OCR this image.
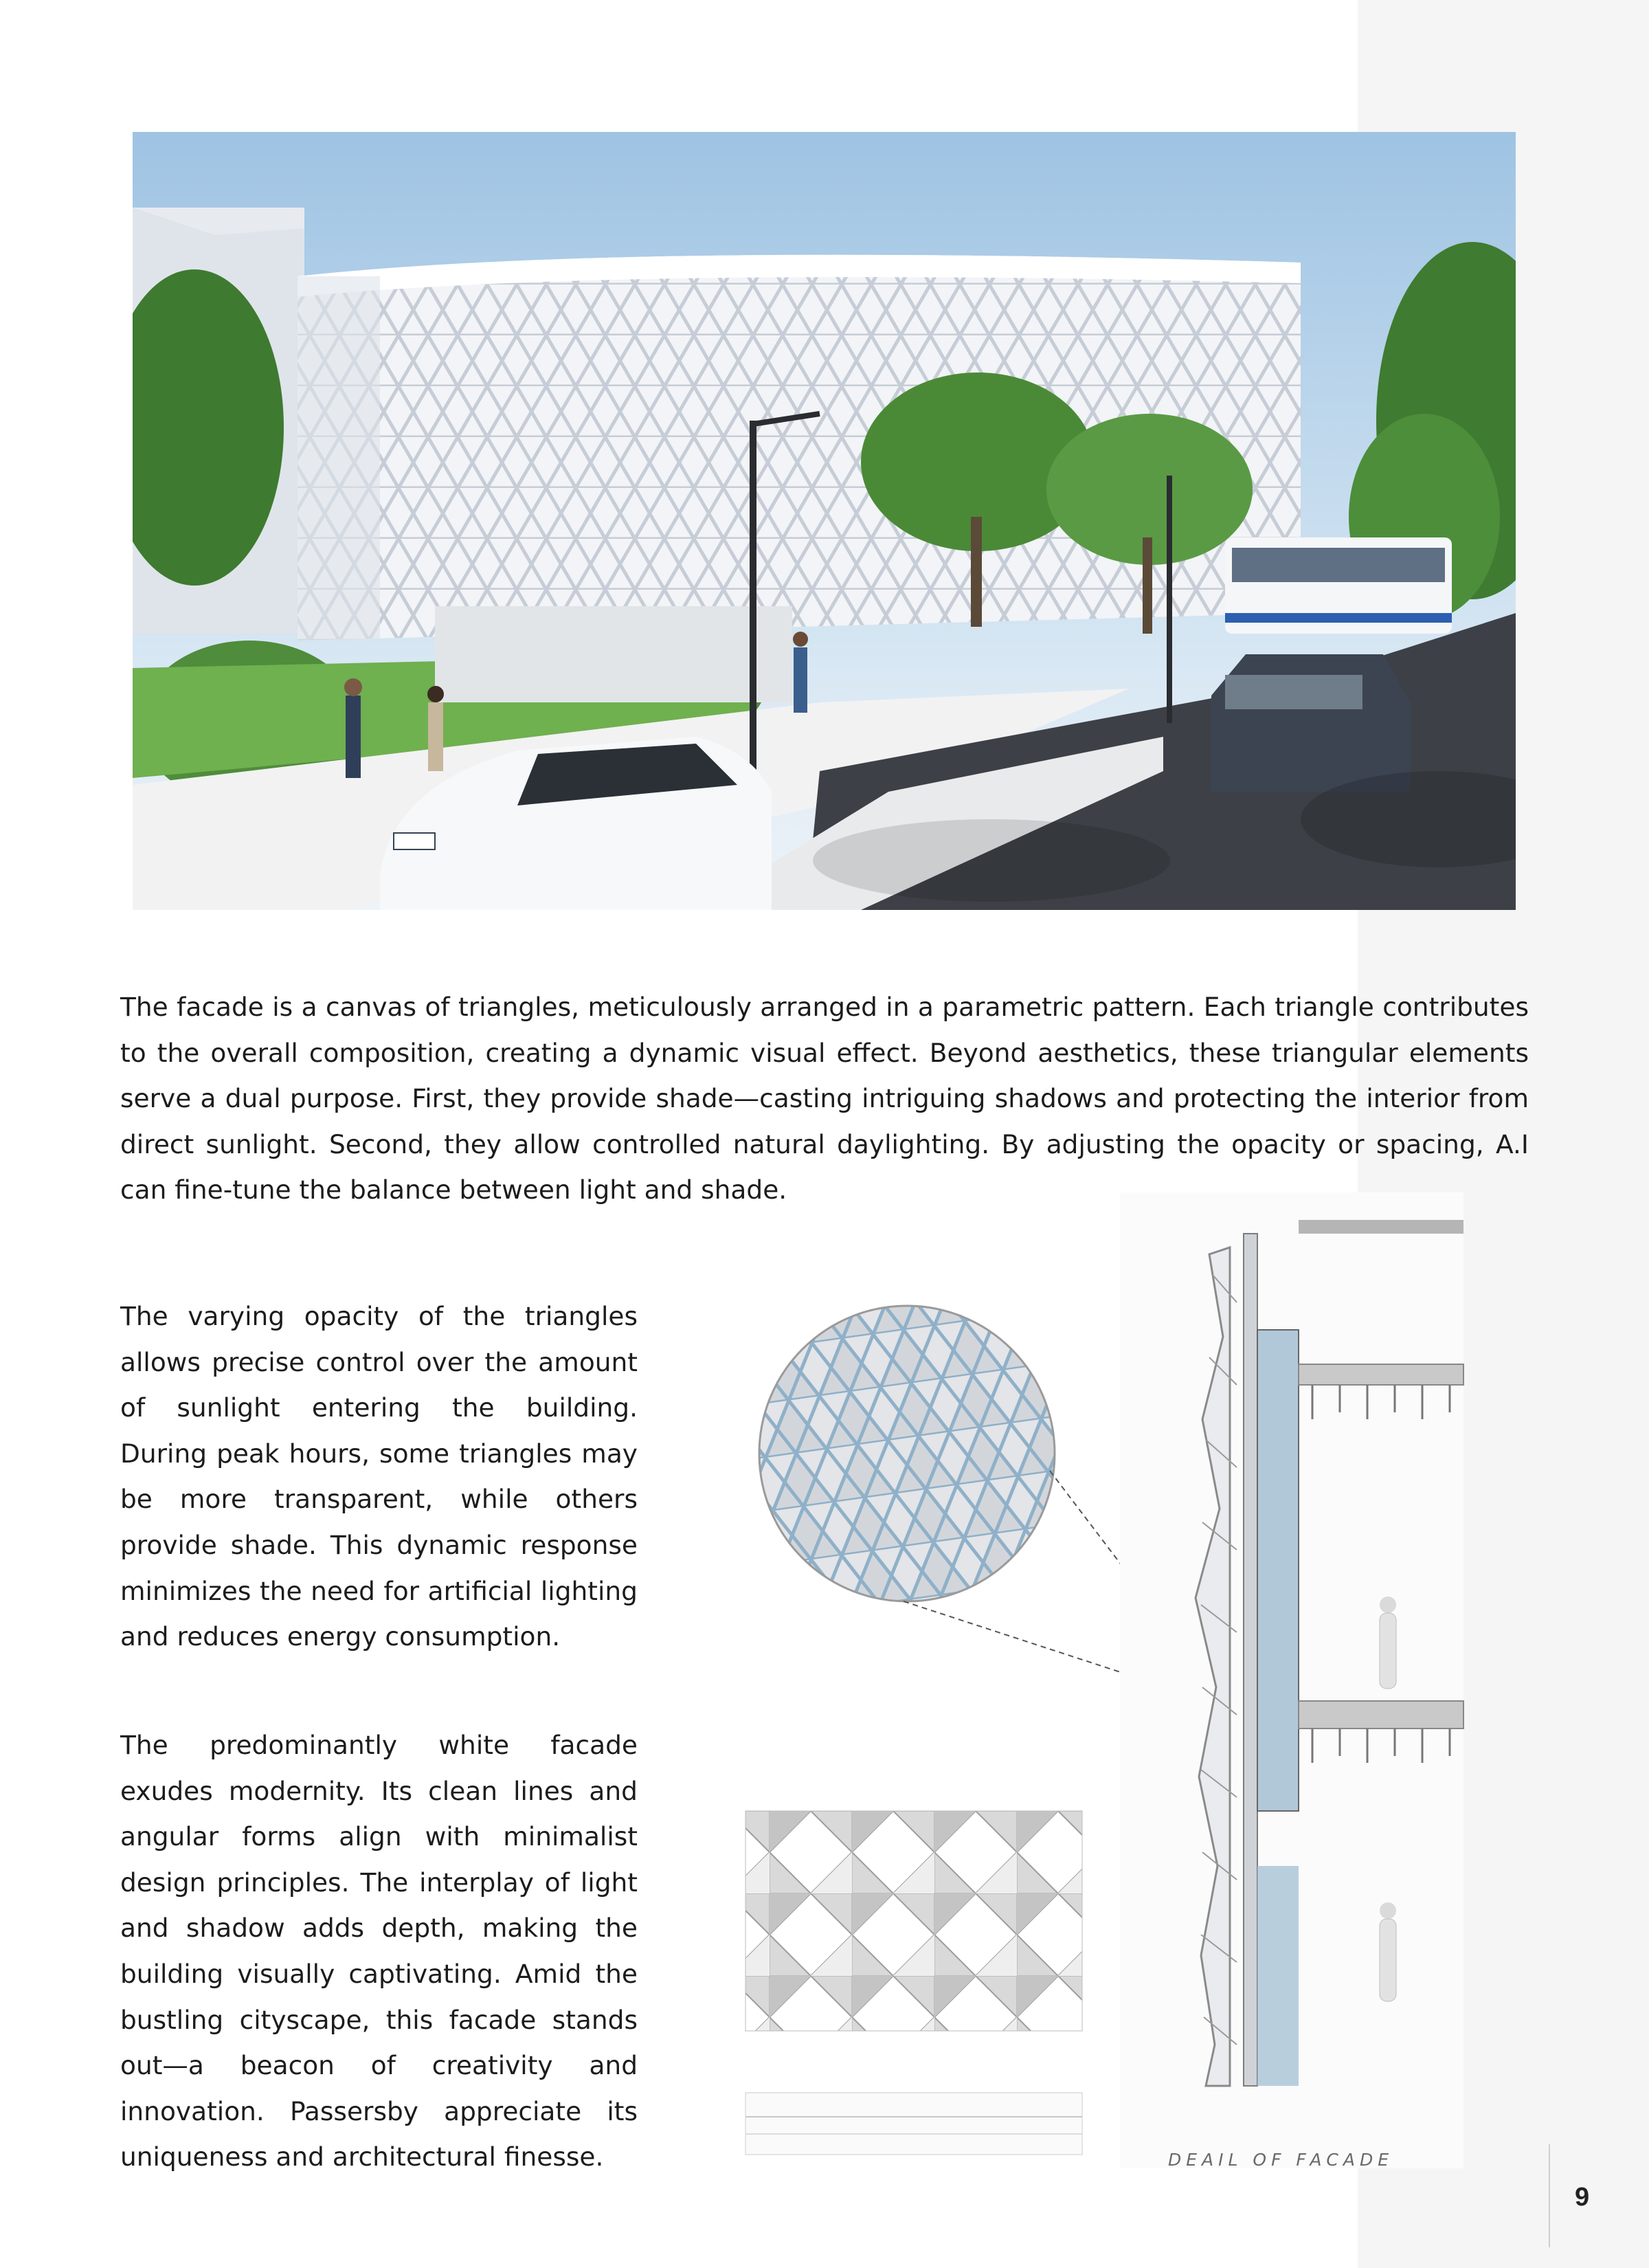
The facade is a canvas of triangles, meticulously arranged in a parametric pattern. Each triangle contributes to the overall composition, creating a dynamic visual effect. Beyond aesthetics, these triangular elements serve a dual purpose. First, they provide shade—casting intriguing shadows and protecting the interior from direct sunlight. Second, they allow controlled natural daylighting. By adjusting the opacity or spacing, A.I can fine-tune the balance between light and shade.

The varying opacity of the triangles allows precise control over the amount of sunlight entering the building. During peak hours, some triangles may be more transparent, while others provide shade. This dynamic response minimizes the need for artificial lighting and reduces energy consumption.

The predominantly white facade exudes modernity. Its clean lines and angular forms align with minimalist design principles. The interplay of light and shadow adds depth, making the building visually captivating. Amid the bustling cityscape, this facade stands out—a beacon of creativity and innovation. Passersby appreciate its uniqueness and architectural finesse.	DEAIL OF FACADE
9
